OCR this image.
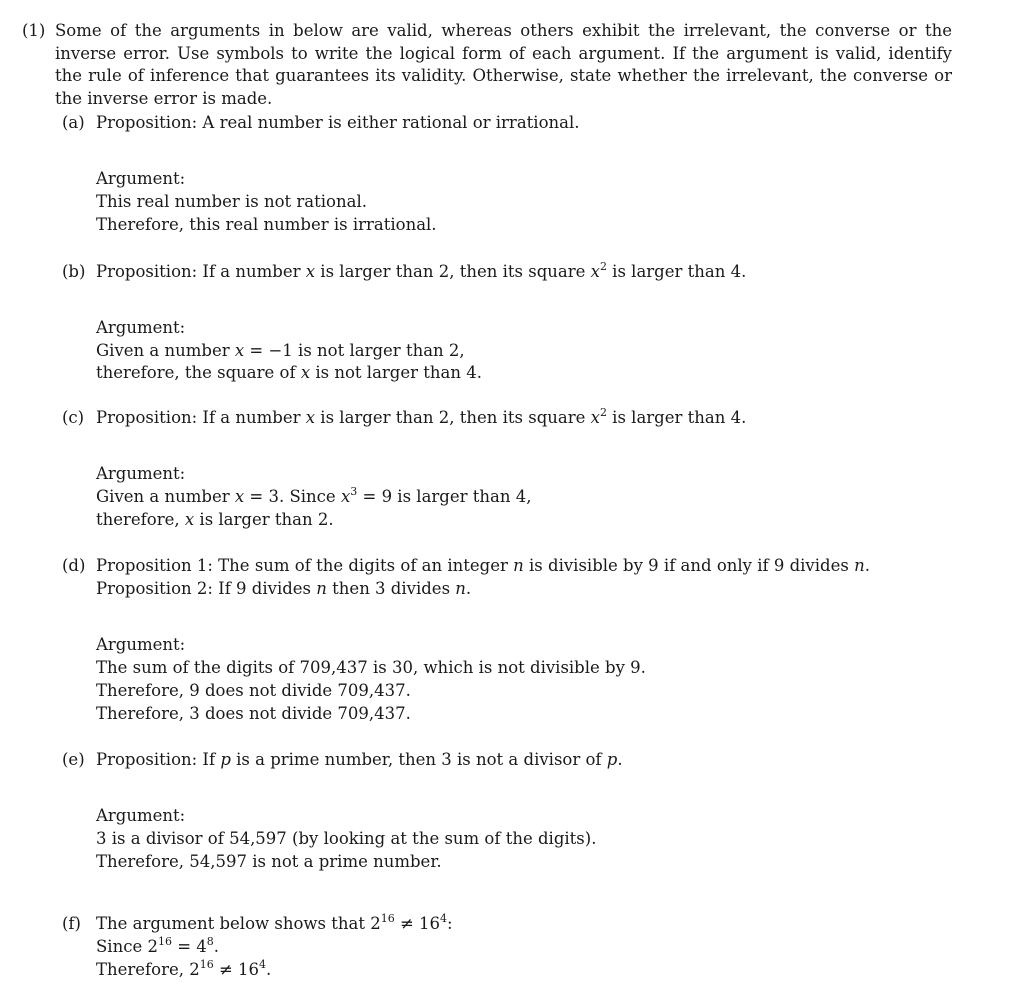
(1) Some of the arguments in below are valid, whereas others exhibit the irrelevant, the converse or the inverse error. Use symbols to write the logical form of each argument. If the argument is valid, identify the rule of inference that guarantees its validity. Otherwise, state whether the irrelevant, the converse or the inverse error is made.
(a) Proposition: A real number is either rational or irrational.
Argument:
This real number is not rational.
Therefore, this real number is irrational.
(b) Proposition: If a number x is larger than 2, then its square $x^2$ is larger than 4.
Argument:
Given a number x = −1 is not larger than 2,
therefore, the square of x is not larger than 4.
(c) Proposition: If a number x is larger than 2, then its square $x^2$ is larger than 4.
Argument:
Given a number x = 3. Since $x^3 = 9$ is larger than 4,
therefore, x is larger than 2.
(d) Proposition 1: The sum of the digits of an integer n is divisible by 9 if and only if 9 divides n.
Proposition 2: If 9 divides n then 3 divides n.
Argument:
The sum of the digits of 709,437 is 30, which is not divisible by 9.
Therefore, 9 does not divide 709,437.
Therefore, 3 does not divide 709,437.
(e) Proposition: If p is a prime number, then 3 is not a divisor of p.
Argument:
3 is a divisor of 54,597 (by looking at the sum of the digits).
Therefore, 54,597 is not a prime number.
(f) The argument below shows that $2^{16} \ne 16^4$:
Since $2^{16} = 4^8$.
Therefore, $2^{16} \ne 16^4$.
